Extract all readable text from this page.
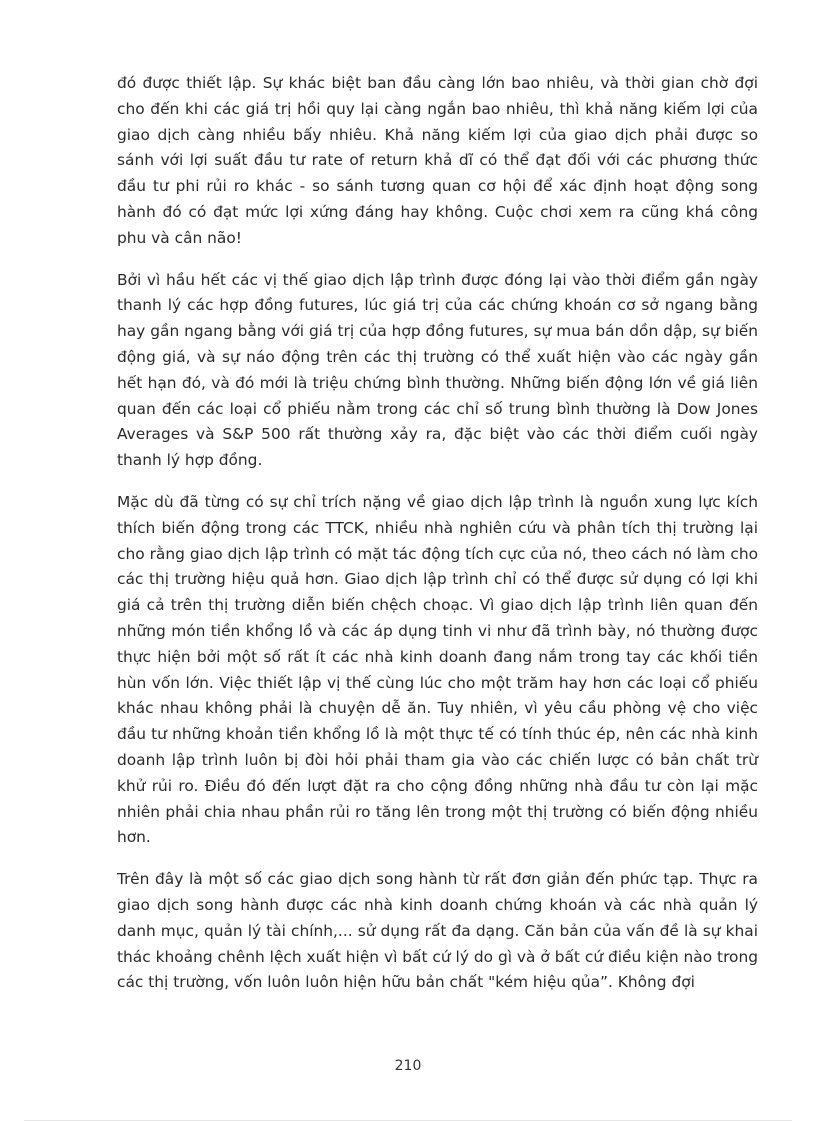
đó được thiết lập. Sự khác biệt ban đầu càng lớn bao nhiêu, và thời gian chờ đợi cho đến khi các giá trị hồi quy lại càng ngắn bao nhiêu, thì khả năng kiếm lợi của giao dịch càng nhiều bấy nhiêu. Khả năng kiếm lợi của giao dịch phải được so sánh với lợi suất đầu tư rate of return khả dĩ có thể đạt đối với các phương thức đầu tư phi rủi ro khác - so sánh tương quan cơ hội để xác định hoạt động song hành đó có đạt mức lợi xứng đáng hay không. Cuộc chơi xem ra cũng khá công phu và cân não!

Bởi vì hầu hết các vị thế giao dịch lập trình được đóng lại vào thời điểm gần ngày thanh lý các hợp đồng futures, lúc giá trị của các chứng khoán cơ sở ngang bằng hay gần ngang bằng với giá trị của hợp đồng futures, sự mua bán dồn dập, sự biến động giá, và sự náo động trên các thị trường có thể xuất hiện vào các ngày gần hết hạn đó, và đó mới là triệu chứng bình thường. Những biến động lớn về giá liên quan đến các loại cổ phiếu nằm trong các chỉ số trung bình thường là Dow Jones Averages và S&P 500 rất thường xảy ra, đặc biệt vào các thời điểm cuối ngày thanh lý hợp đồng.

Mặc dù đã từng có sự chỉ trích nặng về giao dịch lập trình là nguồn xung lực kích thích biến động trong các TTCK, nhiều nhà nghiên cứu và phân tích thị trường lại cho rằng giao dịch lập trình có mặt tác động tích cực của nó, theo cách nó làm cho các thị trường hiệu quả hơn. Giao dịch lập trình chỉ có thể được sử dụng có lợi khi giá cả trên thị trường diễn biến chệch choạc. Vì giao dịch lập trình liên quan đến những món tiền khổng lồ và các áp dụng tinh vi như đã trình bày, nó thường được thực hiện bởi một số rất ít các nhà kinh doanh đang nắm trong tay các khối tiền hùn vốn lớn. Việc thiết lập vị thế cùng lúc cho một trăm hay hơn các loại cổ phiếu khác nhau không phải là chuyện dễ ăn. Tuy nhiên, vì yêu cầu phòng vệ cho việc đầu tư những khoản tiền khổng lồ là một thực tế có tính thúc ép, nên các nhà kinh doanh lập trình luôn bị đòi hỏi phải tham gia vào các chiến lược có bản chất trừ khử rủi ro. Điều đó đến lượt đặt ra cho cộng đồng những nhà đầu tư còn lại mặc nhiên phải chia nhau phần rủi ro tăng lên trong một thị trường có biến động nhiều hơn.

Trên đây là một số các giao dịch song hành từ rất đơn giản đến phức tạp. Thực ra giao dịch song hành được các nhà kinh doanh chứng khoán và các nhà quản lý danh mục, quản lý tài chính,... sử dụng rất đa dạng. Căn bản của vấn đề là sự khai thác khoảng chênh lệch xuất hiện vì bất cứ lý do gì và ở bất cứ điều kiện nào trong các thị trường, vốn luôn luôn hiện hữu bản chất "kém hiệu qủa”. Không đợi

210
